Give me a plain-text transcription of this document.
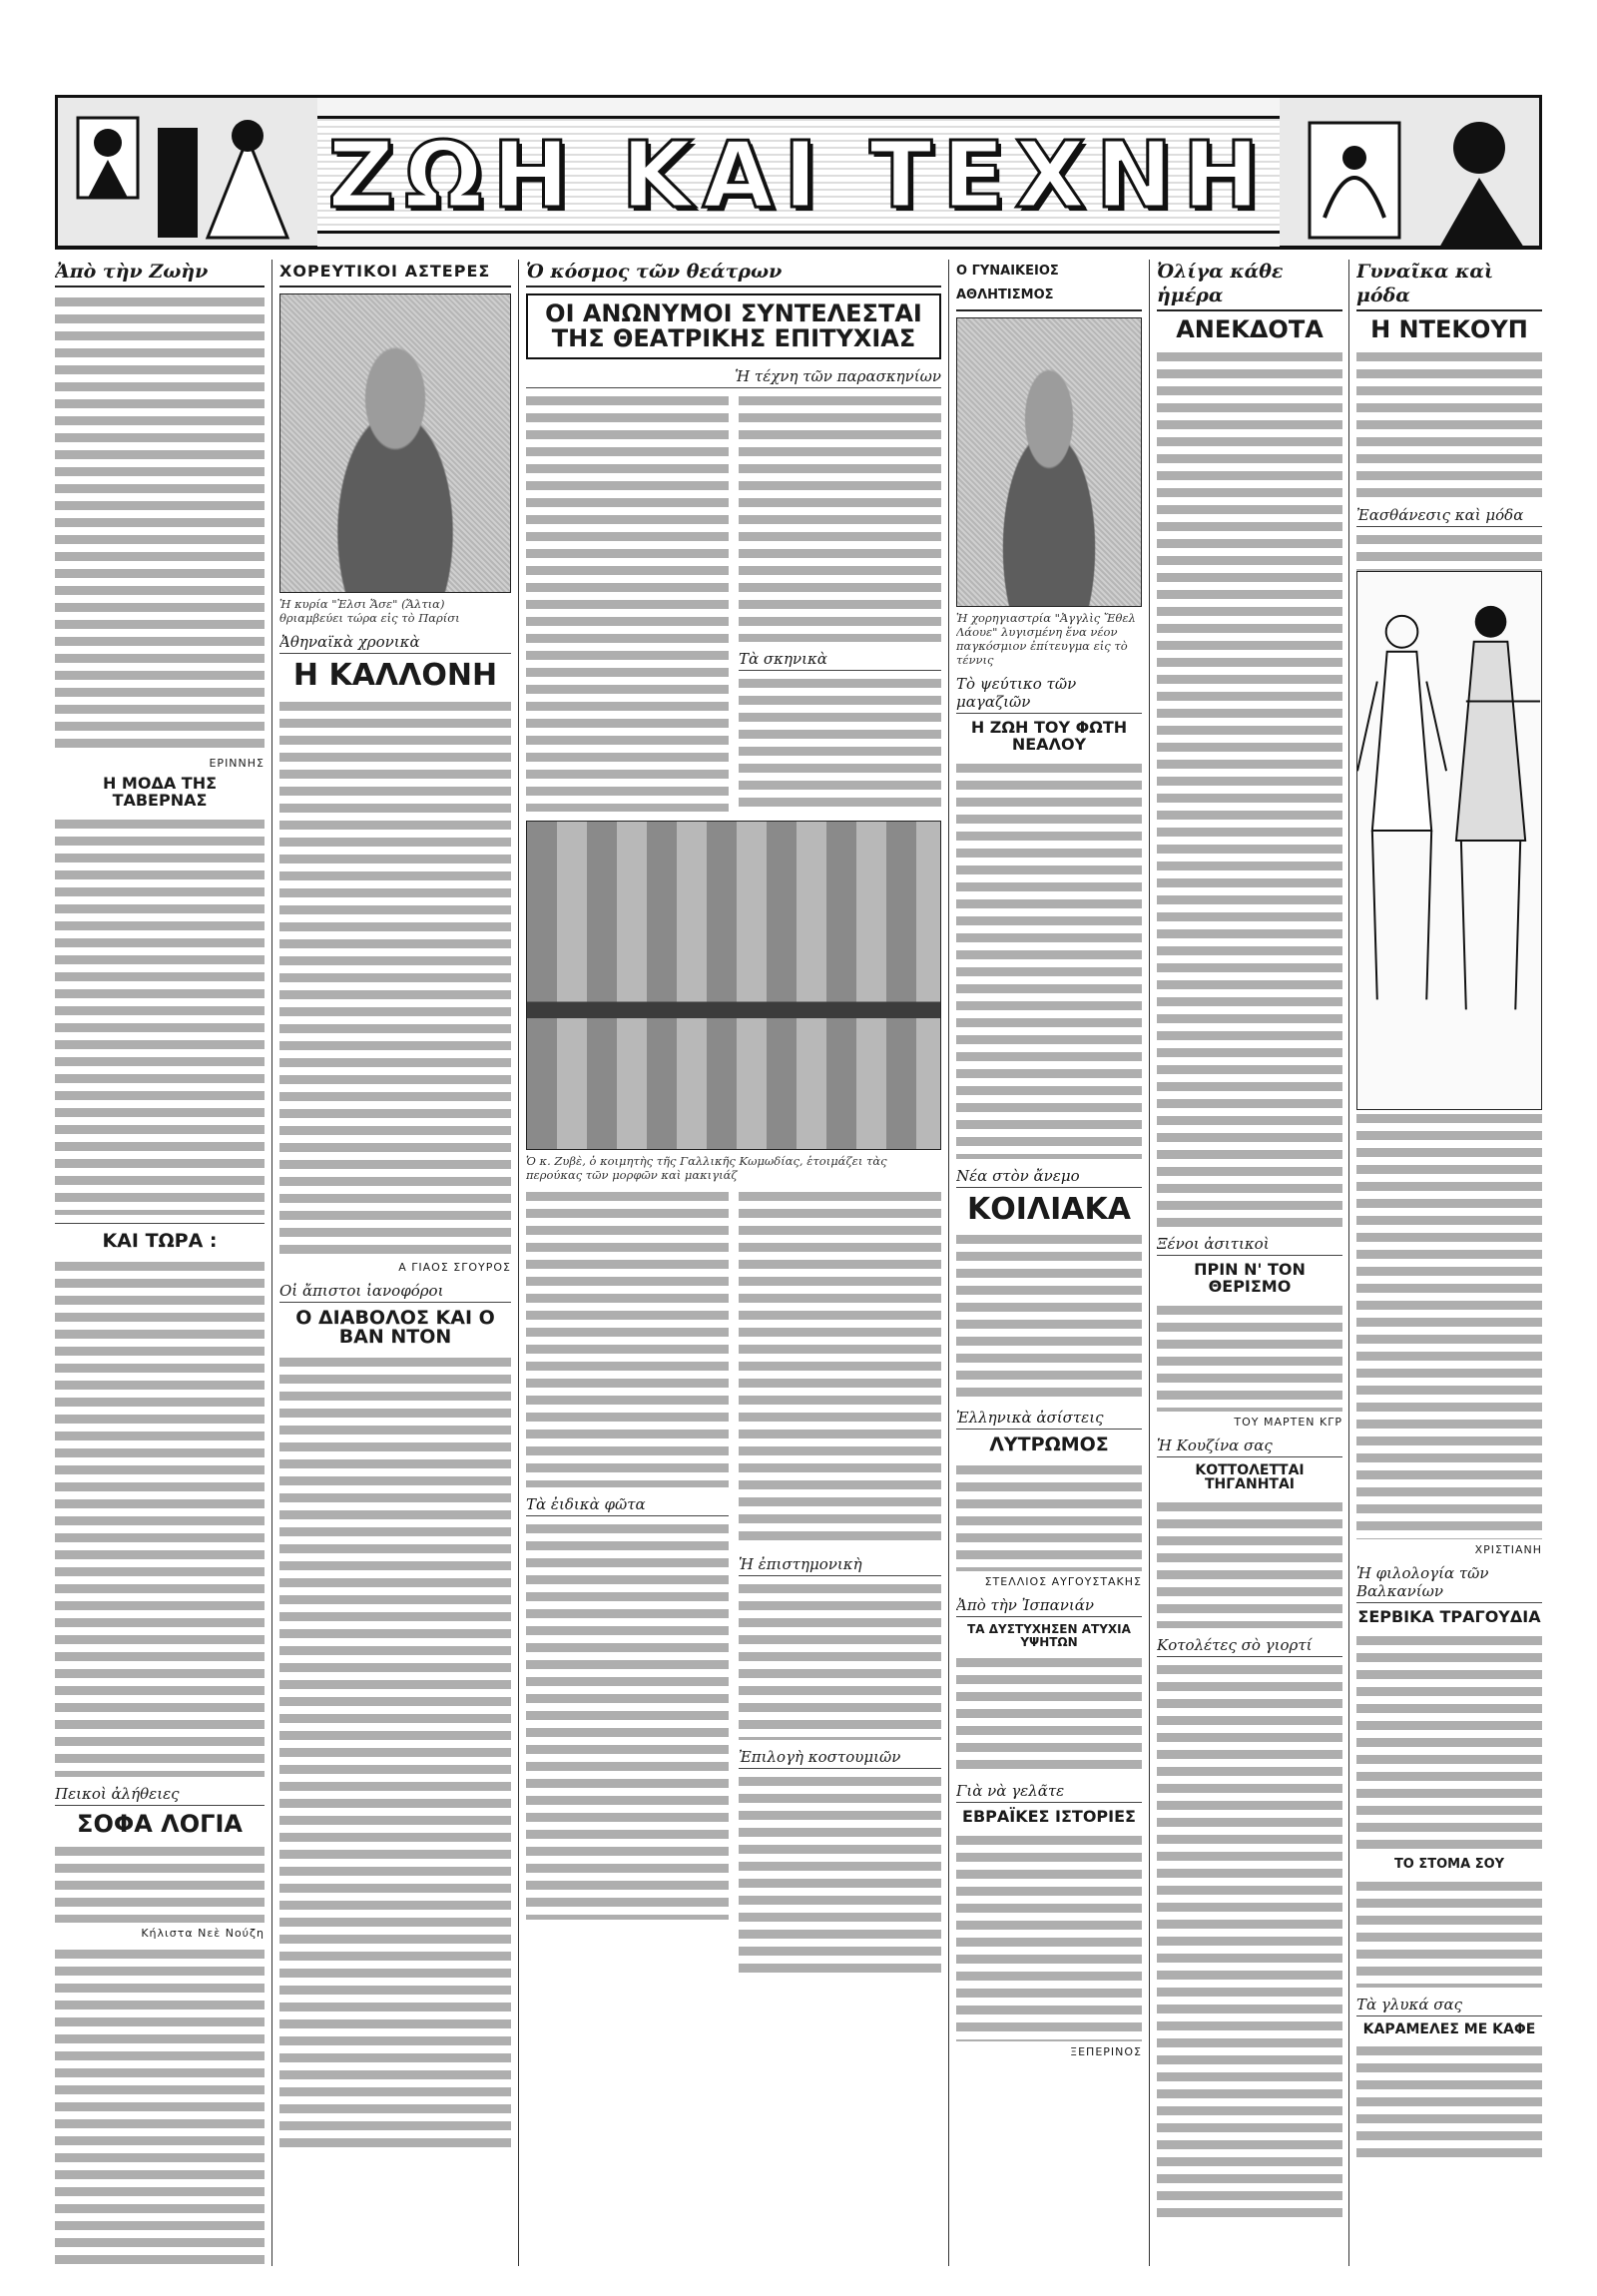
ΖΩΗ ΚΑΙ ΤΕΧΝΗ
Ἀπὸ τὴν Ζωὴν
ΕΡΙΝΝΗΣ
Η ΜΟΔΑ ΤΗΣ ΤΑΒΕΡΝΑΣ
ΚΑΙ ΤΩΡΑ :
Πεικοὶ ἀλήθειες
ΣΟΦΑ ΛΟΓΙΑ
Κήλιστα Νεὲ Νούζη
ΧΟΡΕΥΤΙΚΟΙ ΑΣΤΕΡΕΣ
Ἡ κυρία "Ἐλσι Ἄσε" (Ἄλτια) θριαμβεύει τώρα εἰς τὸ Παρίσι
Ἀθηναϊκὰ χρονικὰ
Η ΚΑΛΛΟΝΗ
Α ΓΙΑΟΣ ΣΓΟΥΡΟΣ
Οἱ ἄπιστοι ἰανοφόροι
Ο ΔΙΑΒΟΛΟΣ ΚΑΙ Ο ΒΑΝ ΝΤΟΝ
Ὁ κόσμος τῶν θεάτρων
ΟΙ ΑΝΩΝΥΜΟΙ ΣΥΝΤΕΛΕΣΤΑΙ ΤΗΣ ΘΕΑΤΡΙΚΗΣ ΕΠΙΤΥΧΙΑΣ
Ἡ τέχνη τῶν παρασκηνίων
Τὰ σκηνικὰ
Ὁ κ. Ζυβὲ, ὁ κοιμητὴς τῆς Γαλλικῆς Κωμωδίας, ἑτοιμάζει τὰς περούκας τῶν μορφῶν καὶ μακιγιάζ
Τὰ ἐιδικὰ φῶτα
Ἡ ἐπιστημονικὴ
Ἐπιλογὴ κοστουμιῶν
Ο ΓΥΝΑΙΚΕΙΟΣ ΑΘΛΗΤΙΣΜΟΣ
Ἡ χορηγιαστρία "Ἀγγλὶς Ἔθελ Λάουε" λυγισμένη ἕνα νέον παγκόσμιον ἐπίτευγμα εἰς τὸ τέννις
Τὸ ψεύτικο τῶν μαγαζιῶν
Η ΖΩΗ ΤΟΥ ΦΩΤΗ ΝΕΑΛΟΥ
Νέα στὸν ἄνεμο
ΚΟΙΛΙΑΚΑ
Ἑλληνικὰ ἀσίστεις
ΛΥΤΡΩΜΟΣ
ΣΤΕΛΛΙΟΣ ΑΥΓΟΥΣΤΑΚΗΣ
Ἀπὸ τὴν Ἰσπανιάν
ΤΑ ΔΥΣΤΥΧΗΣΕΝ ΑΤΥΧΙΑ ΥΨΗΤΩΝ
Γιὰ νὰ γελᾶτε
ΕΒΡΑΪΚΕΣ ΙΣΤΟΡΙΕΣ
ΞΕΠΕΡΙΝΟΣ
Ὀλίγα κάθε ἡμέρα
ΑΝΕΚΔΟΤΑ
Ξένοι ἀσιτικοὶ
ΠΡΙΝ Ν' ΤΟΝ ΘΕΡΙΣΜΟ
ΤΟΥ ΜΑΡΤΕΝ ΚΓΡ
Ἡ Κουζίνα σας
ΚΟΤΤΟΛΕΤΤΑΙ ΤΗΓΑΝΗΤΑΙ
Κοτολέτες σὸ γιορτί
Γυναῖκα καὶ μόδα
Η ΝΤΕΚΟΥΠ
Ἐασθάνεσις καὶ μόδα
ΧΡΙΣΤΙΑΝΗ
Ἡ φιλολογία τῶν Βαλκανίων
ΣΕΡΒΙΚΑ ΤΡΑΓΟΥΔΙΑ
ΤΟ ΣΤΟΜΑ ΣΟΥ
Τὰ γλυκά σας
ΚΑΡΑΜΕΛΕΣ ΜΕ ΚΑΦΕ
